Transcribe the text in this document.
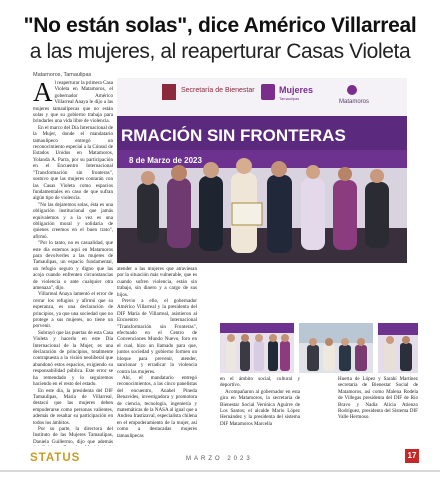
"No están solas", dice Américo Villarreal
a las mujeres, al reaperturar Casas Violeta
Matamoros, Tamaulipas
A l reaperturar la primera Casa Violeta en Matamoros, el gobernador Américo Villarreal Anaya le dijo a las mujeres tamaulipecas que no están solas y que su gobierno trabaja para brindarles una vida libre de violencia.

En el marco del Día Internacional de la Mujer, donde el mandatario tamaulipeco entregó un reconocimiento especial a la Cónsul de Estados Unidos en Matamoros, Yolanda A. Parra, por su participación en el Encuentro Internacional "Transformación sin fronteras", sostuvo que las mujeres contarán con las Casas Violeta como espacios fundamentales en caso de que sufran algún tipo de violencia.

"No las dejaremos solas, ésta es una obligación institucional que jamás equivalemos y a la vez es una obligación moral y solidaria de quienes creemos en el buen trato", afirmó.

"Por lo tanto, no es casualidad, que este día estemos aquí en Matamoros para devolverles a las mujeres de Tamaulipas, un espacio fundamental, un refugio seguro y digno que las acoja cuando enfrenten circunstancias de violencia o ante cualquier otra amenaza", dijo.

Villarreal Anaya lamentó el error de cerrar los refugios y afirmó que su esperanza, es una declaración de principios, ya que una sociedad que no protege a sus mujeres, no tiene un porvenir.

Subrayó que las puertas de esta Casa Violeta y hacerlo en este Día Internacional de la Mujer, es una declaración de principios, totalmente contrapuesta a la visión neoliberal que abandonó estos espacios, exigiendo su responsabilidad pública. Este error se ha remendado y lo seguiremos haciendo en el resto del estado.

En este día, la presidenta del DIF Tamaulipas, María de Villarreal, destacó que las mujeres deben empoderarse como personas valientes, además de resaltar su participación en todos los ámbitos.

Por su parte, la directora del Instituto de las Mujeres Tamaulipas, Daniela Guillermo, dijo que además

Secretaría de Bienestar	Mujeres
Tamaulipas
Matamoros
RMACIÓN SIN FRONTERAS
8 de Marzo de 2023

atender a las mujeres que atraviesan por la situación más vulnerable, que es cuando sufren violencia, están sin trabajo, sin dinero y a cargo de sus hijos.

Previo a ello, el gobernador Américo Villarreal y la presidenta del DIF María de Villarreal, asistieron al Encuentro Internacional "Transformación sin Fronteras", efectuado en el Centro de Convenciones Mundo Nuevo, foro en el cual, hizo un llamado para que, juntos sociedad y gobierno formen un bloque para prevenir, atender, sancionar y erradicar la violencia contra las mujeres.

Ahí, el mandatario entregó reconocimientos, a las cinco panelistas del encuentro, Anabel Pineda Benavides, investigadora y promotora de ciencia, tecnología, ingeniería y matemáticas de la NASA al igual que a Andrea Irastizaval, especialista chilena en el empoderamiento de la mujer, así como a destacadas mujeres tamaulipecas

en el ámbito social, cultural y deportivo.

Acompañaron al gobernador en esta gira en Matamoros, la secretaria de Bienestar Social Verónica Aguirre de Los Santos; el alcalde Mario López Hernández y la presidenta del sistema DIF Matamoros Marcella

Huerta de López y Sarahí Martínez secretaria de Bienestar Social de Matamoros, así como Malena Rodela de Villegas presidenta del DIF de Río Bravo y Nadia Alicia Atienzo Rodríguez, presidenta del Sistema DIF Valle Hermoso.

STATUS	MARZO 2023	17
